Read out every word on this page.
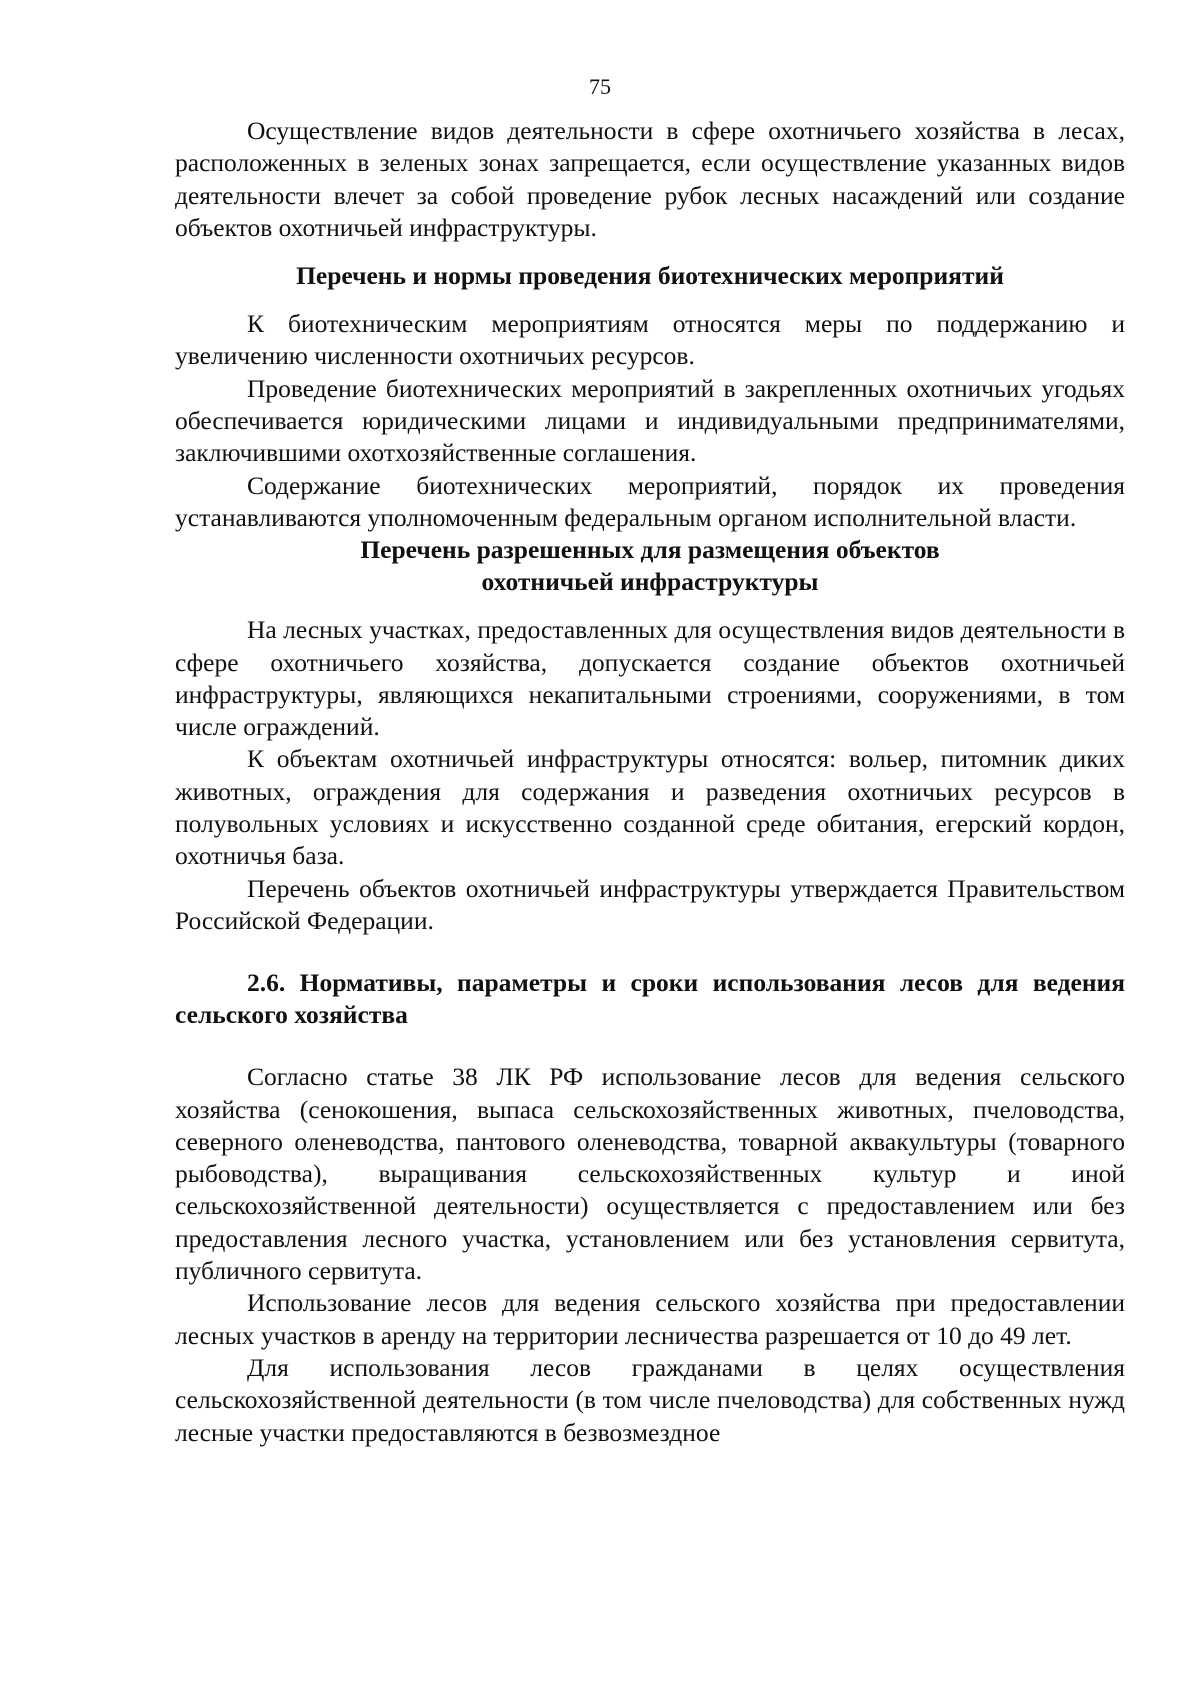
75

Осуществление видов деятельности в сфере охотничьего хозяйства в лесах, расположенных в зеленых зонах запрещается, если осуществление указанных видов деятельности влечет за собой проведение рубок лесных насаждений или создание объектов охотничьей инфраструктуры.

Перечень и нормы проведения биотехнических мероприятий

К биотехническим мероприятиям относятся меры по поддержанию и увеличению численности охотничьих ресурсов.

Проведение биотехнических мероприятий в закрепленных охотничьих угодьях обеспечивается юридическими лицами и индивидуальными предпринимателями, заключившими охотхозяйственные соглашения.

Содержание биотехнических мероприятий, порядок их проведения устанавливаются уполномоченным федеральным органом исполнительной власти.

Перечень разрешенных для размещения объектов

охотничьей инфраструктуры

На лесных участках, предоставленных для осуществления видов деятельности в сфере охотничьего хозяйства, допускается создание объектов охотничьей инфраструктуры, являющихся некапитальными строениями, сооружениями, в том числе ограждений.

К объектам охотничьей инфраструктуры относятся: вольер, питомник диких животных, ограждения для содержания и разведения охотничьих ресурсов в полувольных условиях и искусственно созданной среде обитания, егерский кордон, охотничья база.

Перечень объектов охотничьей инфраструктуры утверждается Правительством Российской Федерации.

2.6. Нормативы, параметры и сроки использования лесов для ведения сельского хозяйства

Согласно статье 38 ЛК РФ использование лесов для ведения сельского хозяйства (сенокошения, выпаса сельскохозяйственных животных, пчеловодства, северного оленеводства, пантового оленеводства, товарной аквакультуры (товарного рыбоводства), выращивания сельскохозяйственных культур и иной сельскохозяйственной деятельности) осуществляется с предоставлением или без предоставления лесного участка, установлением или без установления сервитута, публичного сервитута.

Использование лесов для ведения сельского хозяйства при предоставлении лесных участков в аренду на территории лесничества разрешается от 10 до 49 лет.

Для использования лесов гражданами в целях осуществления сельскохозяйственной деятельности (в том числе пчеловодства) для собственных нужд лесные участки предоставляются в безвозмездное
